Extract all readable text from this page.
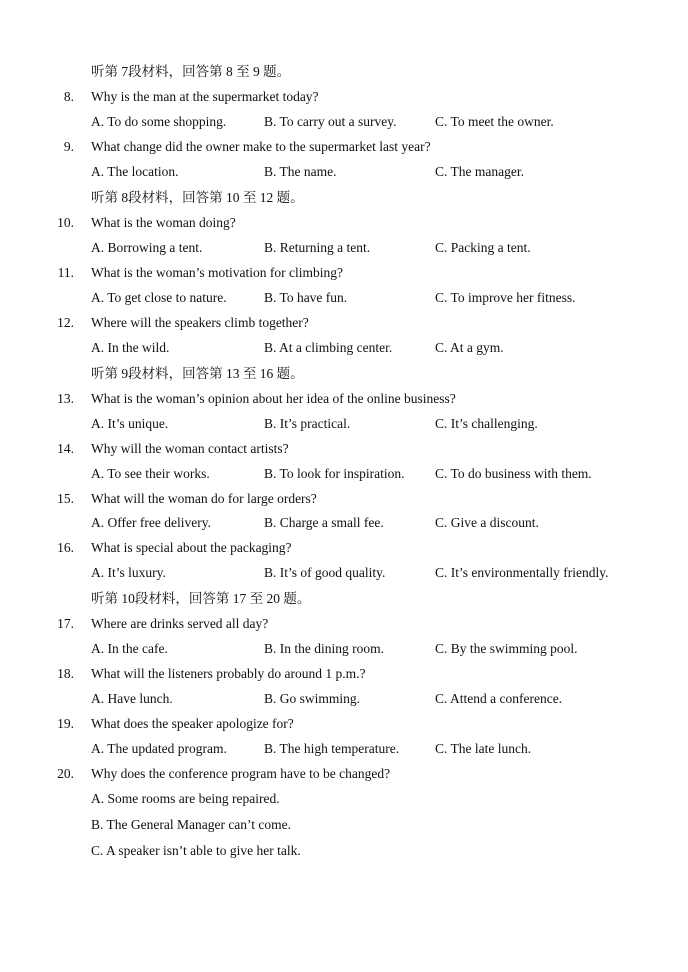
听第 7段材料，回答第 8 至 9 题。
8. Why is the man at the supermarket today?
A. To do some shopping.	B. To carry out a survey.	C. To meet the owner.
9. What change did the owner make to the supermarket last year?
A. The location.	B. The name.	C. The manager.
听第 8段材料，回答第 10 至 12 题。
10. What is the woman doing?
A. Borrowing a tent.	B. Returning a tent.	C. Packing a tent.
11. What is the woman’s motivation for climbing?
A. To get close to nature.	B. To have fun.	C. To improve her fitness.
12. Where will the speakers climb together?
A. In the wild.	B. At a climbing center.	C. At a gym.
听第 9段材料，回答第 13 至 16 题。
13. What is the woman’s opinion about her idea of the online business?
A. It’s unique.	B. It’s practical.	C. It’s challenging.
14. Why will the woman contact artists?
A. To see their works.	B. To look for inspiration. C. To do business with them.
15. What will the woman do for large orders?
A. Offer free delivery.	B. Charge a small fee.	C. Give a discount.
16. What is special about the packaging?
A. It’s luxury.	B. It’s of good quality.	C. It’s environmentally friendly.
听第 10段材料，回答第 17 至 20 题。
17. Where are drinks served all day?
A. In the cafe.	B. In the dining room.	C. By the swimming pool.
18. What will the listeners probably do around 1 p.m.?
A. Have lunch.	B. Go swimming.	C. Attend a conference.
19. What does the speaker apologize for?
A. The updated program.	B. The high temperature.	C. The late lunch.
20. Why does the conference program have to be changed?
A. Some rooms are being repaired.
B. The General Manager can’t come.
C. A speaker isn’t able to give her talk.
